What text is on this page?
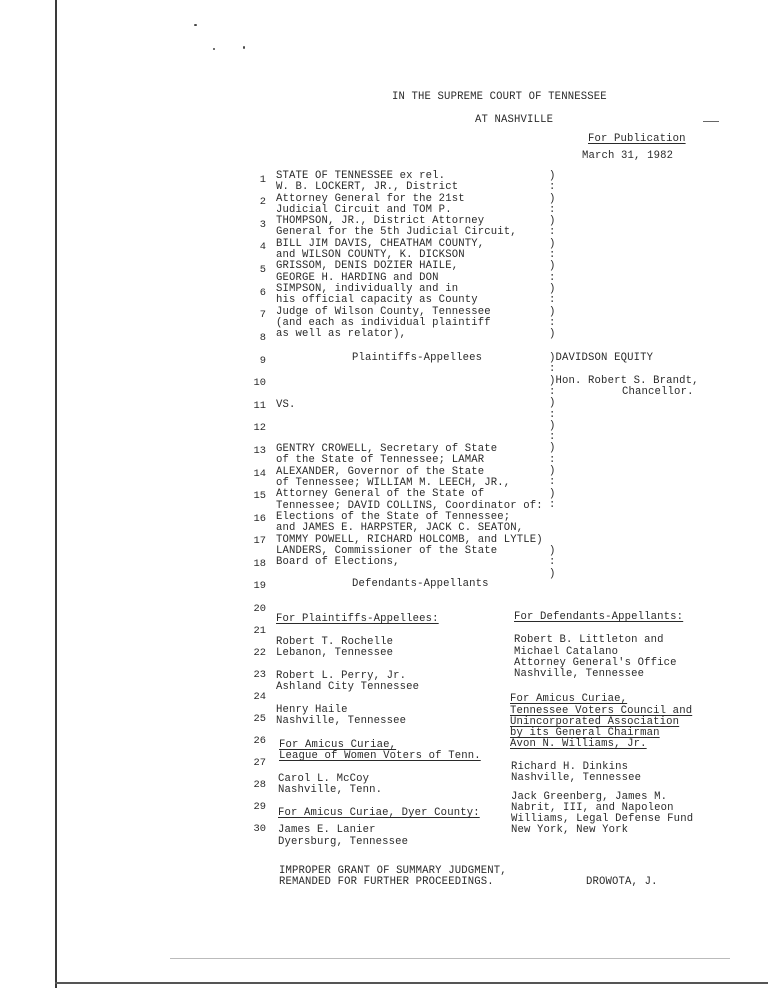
IN THE SUPREME COURT OF TENNESSEE
AT NASHVILLE
For Publication
March 31, 1982
1
2
3
4
5
6
7
8
9
10
11
12
13
14
15
16
17
18
19
20
21
22
23
24
25
26
27
28
29
30
STATE OF TENNESSEE ex rel.
W. B. LOCKERT, JR., District
Attorney General for the 21st
Judicial Circuit and TOM P.
THOMPSON, JR., District Attorney
General for the 5th Judicial Circuit,
BILL JIM DAVIS, CHEATHAM COUNTY,
and WILSON COUNTY, K. DICKSON
GRISSOM, DENIS DOZIER HAILE,
GEORGE H. HARDING and DON
SIMPSON, individually and in
his official capacity as County
Judge of Wilson County, Tennessee
(and each as individual plaintiff
as well as relator),
Plaintiffs-Appellees
)
:
)
:
)
:
)
:
)
:
)
:
)
:
)
)DAVIDSON EQUITY
:
)Hon. Robert S. Brandt,
Chancellor.
:
)
:
)
:
)
:
)
:
)
:
VS.
GENTRY CROWELL, Secretary of State
of the State of Tennessee; LAMAR
ALEXANDER, Governor of the State
of Tennessee; WILLIAM M. LEECH, JR.,
Attorney General of the State of
Tennessee; DAVID COLLINS, Coordinator of:
Elections of the State of Tennessee;
and JAMES E. HARPSTER, JACK C. SEATON,
TOMMY POWELL, RICHARD HOLCOMB, and LYTLE)
LANDERS, Commissioner of the State
Board of Elections,
)
:
)
Defendants-Appellants
For Plaintiffs-Appellees:
Robert T. Rochelle
Lebanon, Tennessee
Robert L. Perry, Jr.
Ashland City Tennessee
Henry Haile
Nashville, Tennessee
For Amicus Curiae,
League of Women Voters of Tenn.
Carol L. McCoy
Nashville, Tenn.
For Amicus Curiae, Dyer County:
James E. Lanier
Dyersburg, Tennessee
For Defendants-Appellants:
Robert B. Littleton and
Michael Catalano
Attorney General's Office
Nashville, Tennessee
For Amicus Curiae,
Tennessee Voters Council and
Unincorporated Association
by its General Chairman
Avon N. Williams, Jr.
Richard H. Dinkins
Nashville, Tennessee
Jack Greenberg, James M.
Nabrit, III, and Napoleon
Williams, Legal Defense Fund
New York, New York
IMPROPER GRANT OF SUMMARY JUDGMENT,
REMANDED FOR FURTHER PROCEEDINGS.	DROWOTA, J.
